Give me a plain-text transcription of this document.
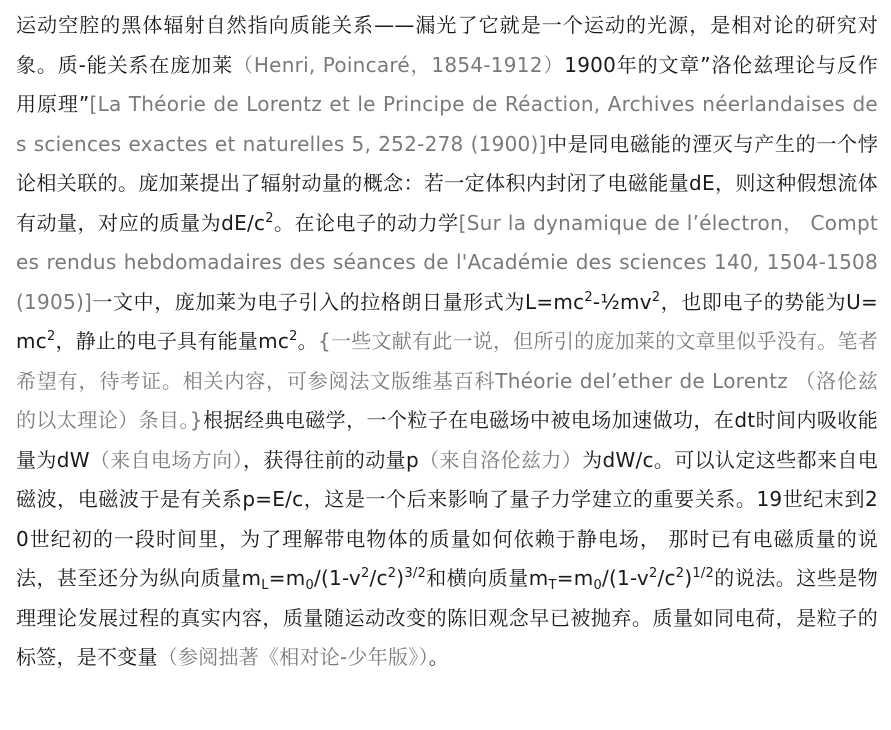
运动空腔的黑体辐射自然指向质能关系——漏光了它就是一个运动的光源，是相对论的研究对象。质-能关系在庞加莱（Henri, Poincaré，1854-1912）1900年的文章”洛伦兹理论与反作用原理”[La Théorie de Lorentz et le Principe de Réaction, Archives néerlandaises des sciences exactes et naturelles 5, 252-278 (1900)]中是同电磁能的湮灭与产生的一个悖论相关联的。庞加莱提出了辐射动量的概念：若一定体积内封闭了电磁能量dE，则这种假想流体有动量，对应的质量为$dE/c^2$。在论电子的动力学[Sur la dynamique de l’électron， Comptes rendus hebdomadaires des séances de l'Académie des sciences 140, 1504-1508 (1905)]一文中，庞加莱为电子引入的拉格朗日量形式为$L=mc^2-\frac{1}{2}mv^2$，也即电子的势能为$U=mc^2$，静止的电子具有能量$mc^2$。{一些文献有此一说，但所引的庞加莱的文章里似乎没有。笔者希望有，待考证。相关内容，可参阅法文版维基百科Théorie del’ether de Lorentz （洛伦兹的以太理论）条目。}根据经典电磁学，一个粒子在电磁场中被电场加速做功，在dt时间内吸收能量为dW（来自电场方向），获得往前的动量p（来自洛伦兹力）为dW/c。可以认定这些都来自电磁波，电磁波于是有关系p=E/c，这是一个后来影响了量子力学建立的重要关系。19世纪末到20世纪初的一段时间里，为了理解带电物体的质量如何依赖于静电场， 那时已有电磁质量的说法，甚至还分为纵向质量$m_L=m_0/(1-v^2/c^2)^{3/2}$和横向质量$m_T=m_0/(1-v^2/c^2)^{1/2}$的说法。这些是物理理论发展过程的真实内容，质量随运动改变的陈旧观念早已被抛弃。质量如同电荷，是粒子的标签，是不变量（参阅拙著《相对论-少年版》）。
